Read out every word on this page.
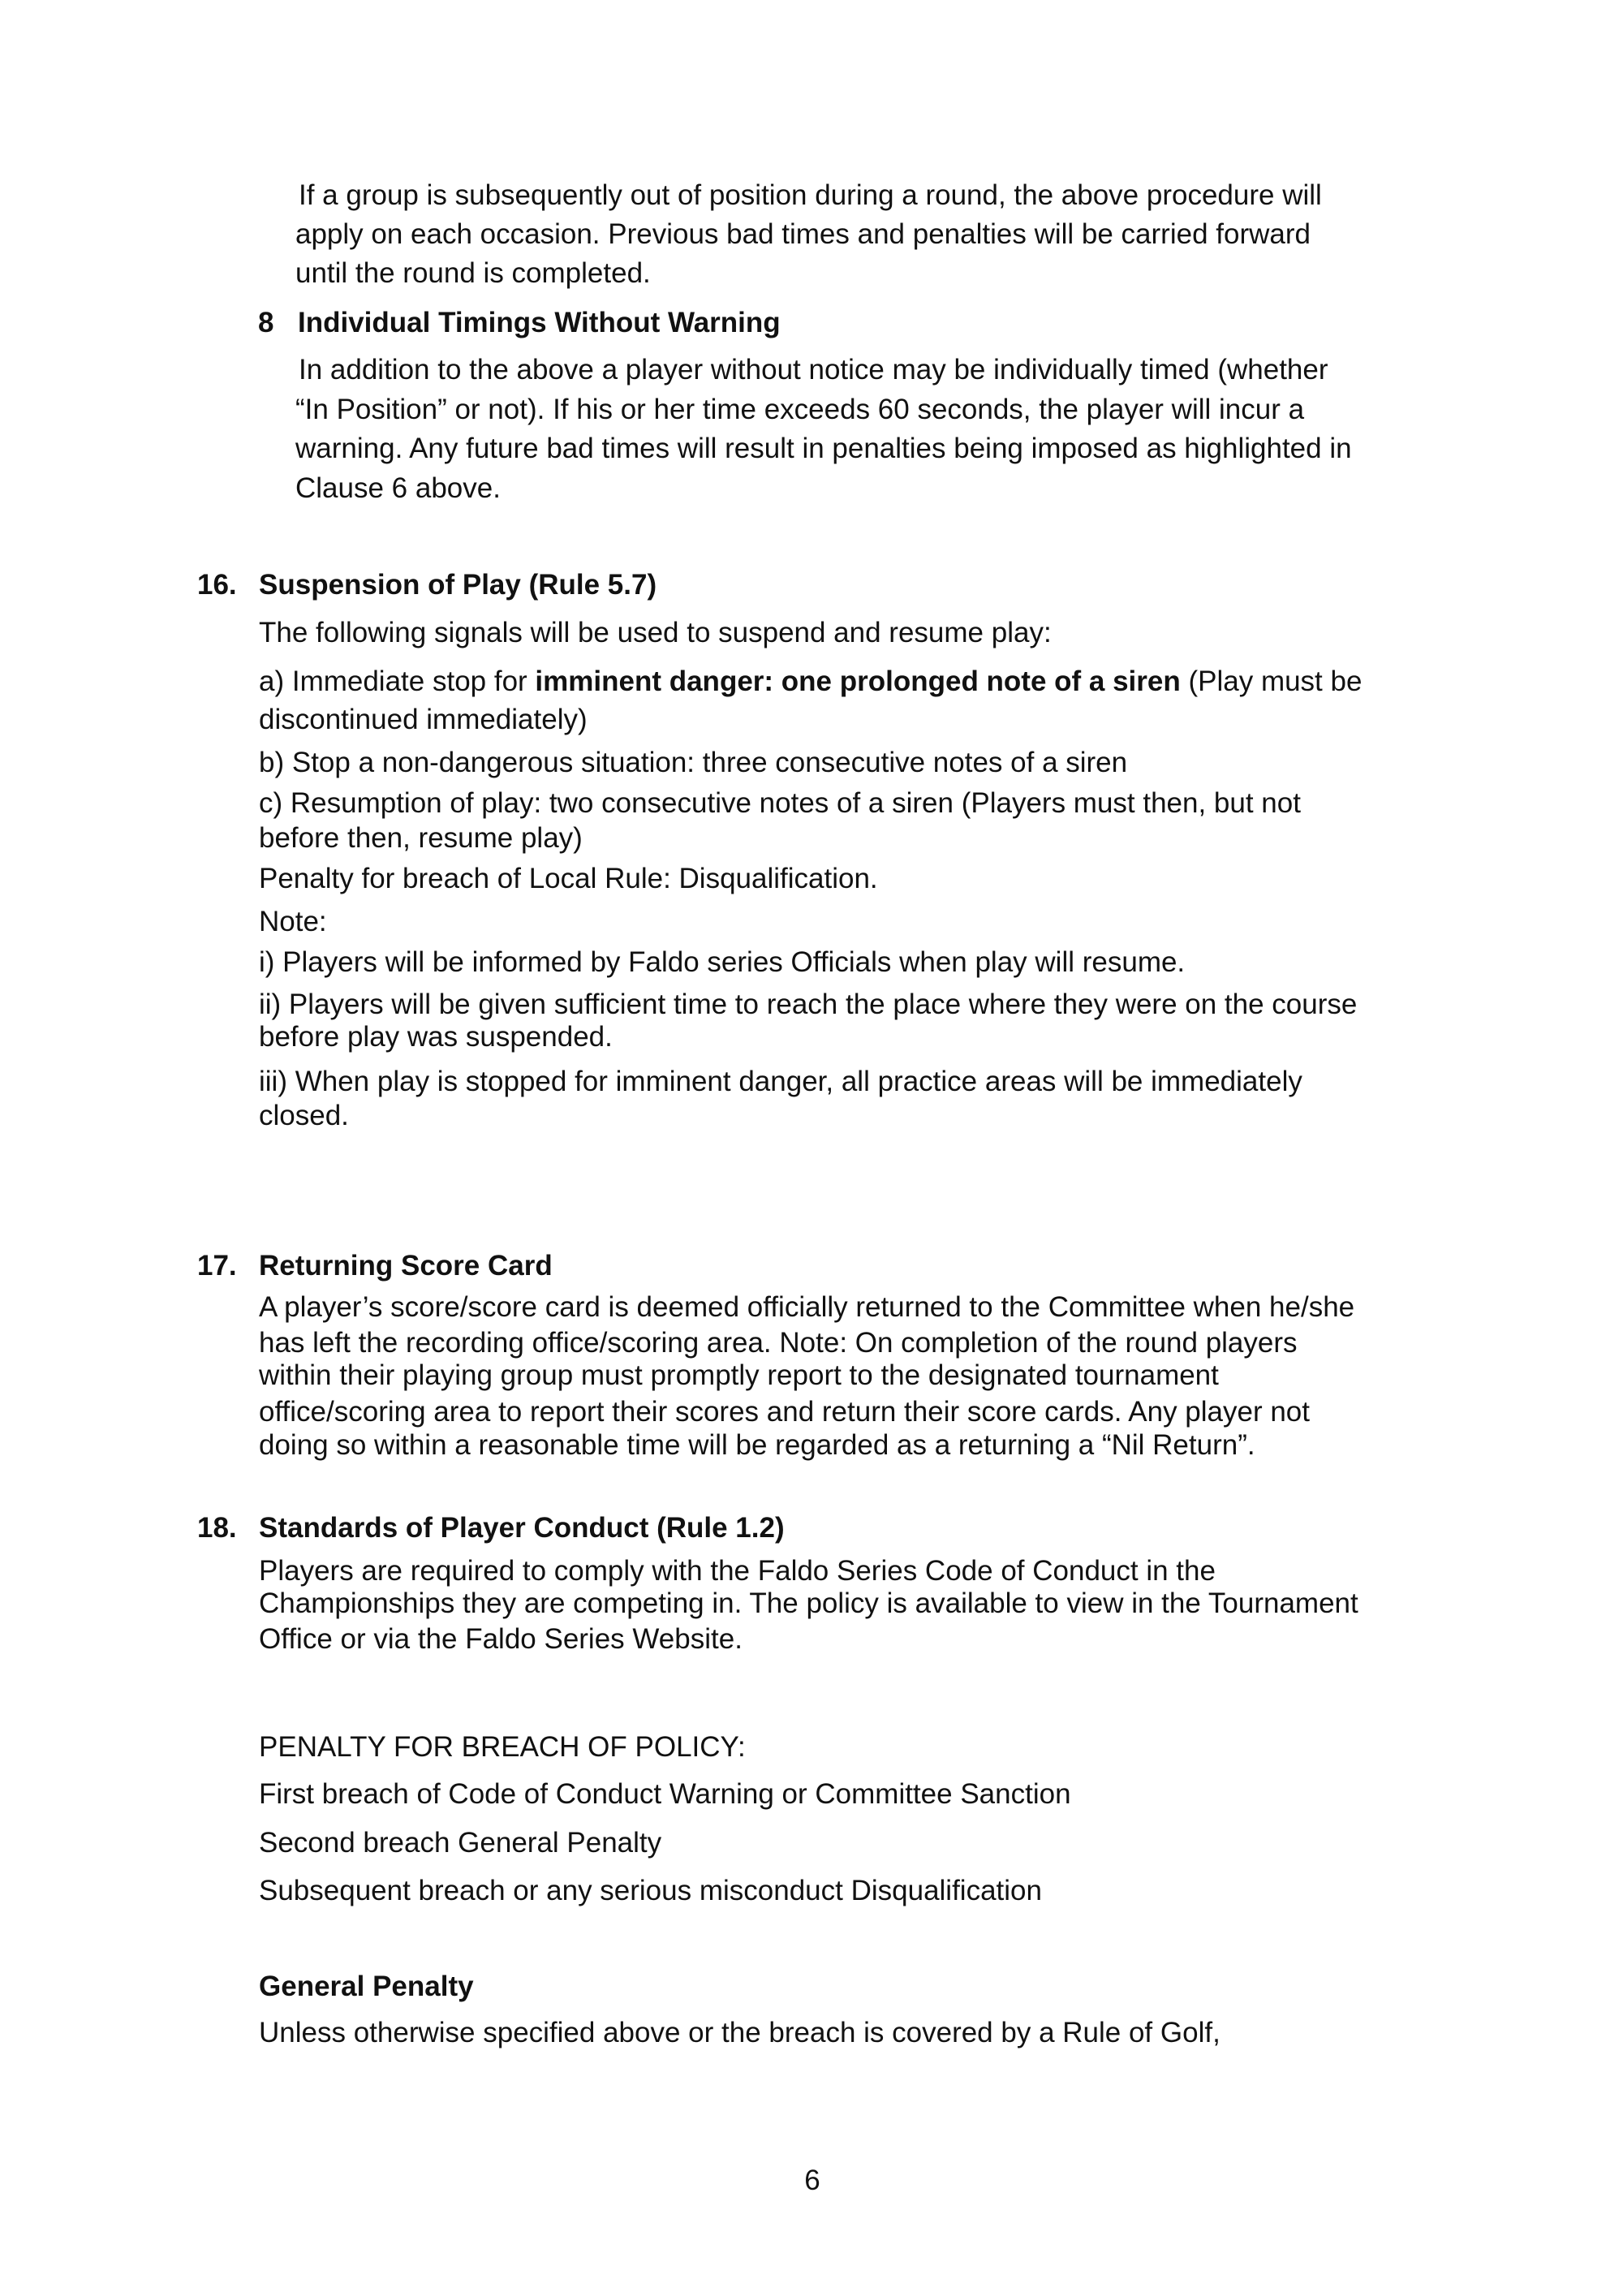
If a group is subsequently out of position during a round, the above procedure will

apply on each occasion. Previous bad times and penalties will be carried forward

until the round is completed.

8 Individual Timings Without Warning

In addition to the above a player without notice may be individually timed (whether

“In Position” or not). If his or her time exceeds 60 seconds, the player will incur a

warning. Any future bad times will result in penalties being imposed as highlighted in

Clause 6 above.

16. Suspension of Play (Rule 5.7)

The following signals will be used to suspend and resume play:

a) Immediate stop for imminent danger: one prolonged note of a siren (Play must be

discontinued immediately)

b) Stop a non-dangerous situation: three consecutive notes of a siren

c) Resumption of play: two consecutive notes of a siren (Players must then, but not

before then, resume play)

Penalty for breach of Local Rule: Disqualification.

Note:

i) Players will be informed by Faldo series Officials when play will resume.

ii) Players will be given sufficient time to reach the place where they were on the course

before play was suspended.

iii) When play is stopped for imminent danger, all practice areas will be immediately

closed.

17. Returning Score Card

A player’s score/score card is deemed officially returned to the Committee when he/she

has left the recording office/scoring area. Note: On completion of the round players

within their playing group must promptly report to the designated tournament

office/scoring area to report their scores and return their score cards. Any player not

doing so within a reasonable time will be regarded as a returning a “Nil Return”.

18. Standards of Player Conduct (Rule 1.2)

Players are required to comply with the Faldo Series Code of Conduct in the

Championships they are competing in. The policy is available to view in the Tournament

Office or via the Faldo Series Website.

PENALTY FOR BREACH OF POLICY:

First breach of Code of Conduct Warning or Committee Sanction

Second breach General Penalty

Subsequent breach or any serious misconduct Disqualification

General Penalty

Unless otherwise specified above or the breach is covered by a Rule of Golf,

6
